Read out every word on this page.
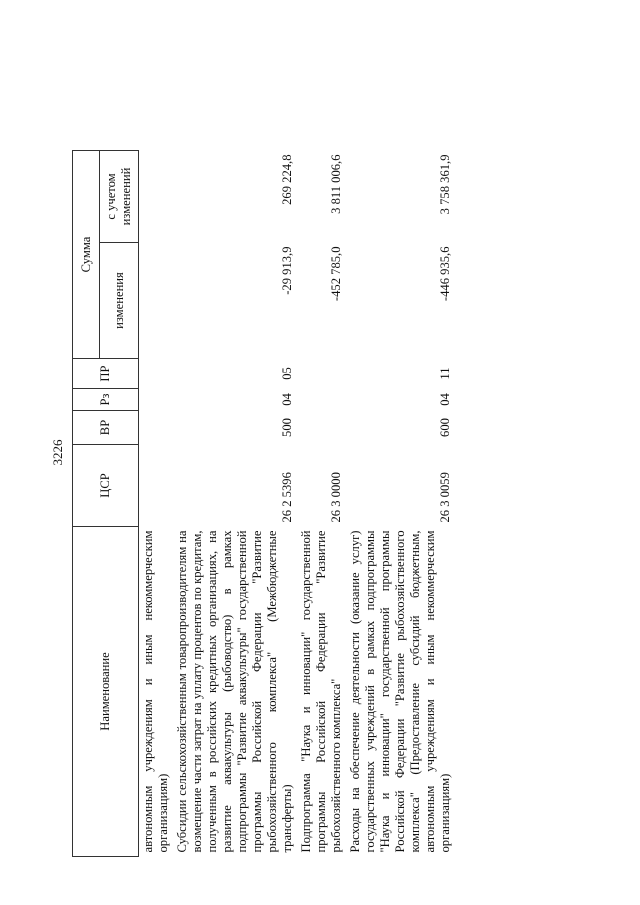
3226
Наименование	ЦСР	ВР	Рз	ПР	Сумма	
					изменения	с учетом изменений
автономным учреждениям и иным некоммерческим организациям)						
Субсидии сельскохозяйственным товаропроизводителям на возмещение части затрат на уплату процентов по кредитам, полученным в российских кредитных организациях, на развитие аквакультуры (рыбоводство) в рамках подпрограммы "Развитие аквакультуры" государственной программы Российской Федерации "Развитие рыбохозяйственного комплекса" (Межбюджетные трансферты)	26 2 5396	500	04	05	-29 913,9	269 224,8
Подпрограмма "Наука и инновации" государственной программы Российской Федерации "Развитие рыбохозяйственного комплекса"	26 3 0000				-452 785,0	3 811 006,6
Расходы на обеспечение деятельности (оказание услуг) государственных учреждений в рамках подпрограммы "Наука и инновации" государственной программы Российской Федерации "Развитие рыбохозяйственного комплекса" (Предоставление субсидий бюджетным, автономным учреждениям и иным некоммерческим организациям)	26 3 0059	600	04	11	-446 935,6	3 758 361,9
